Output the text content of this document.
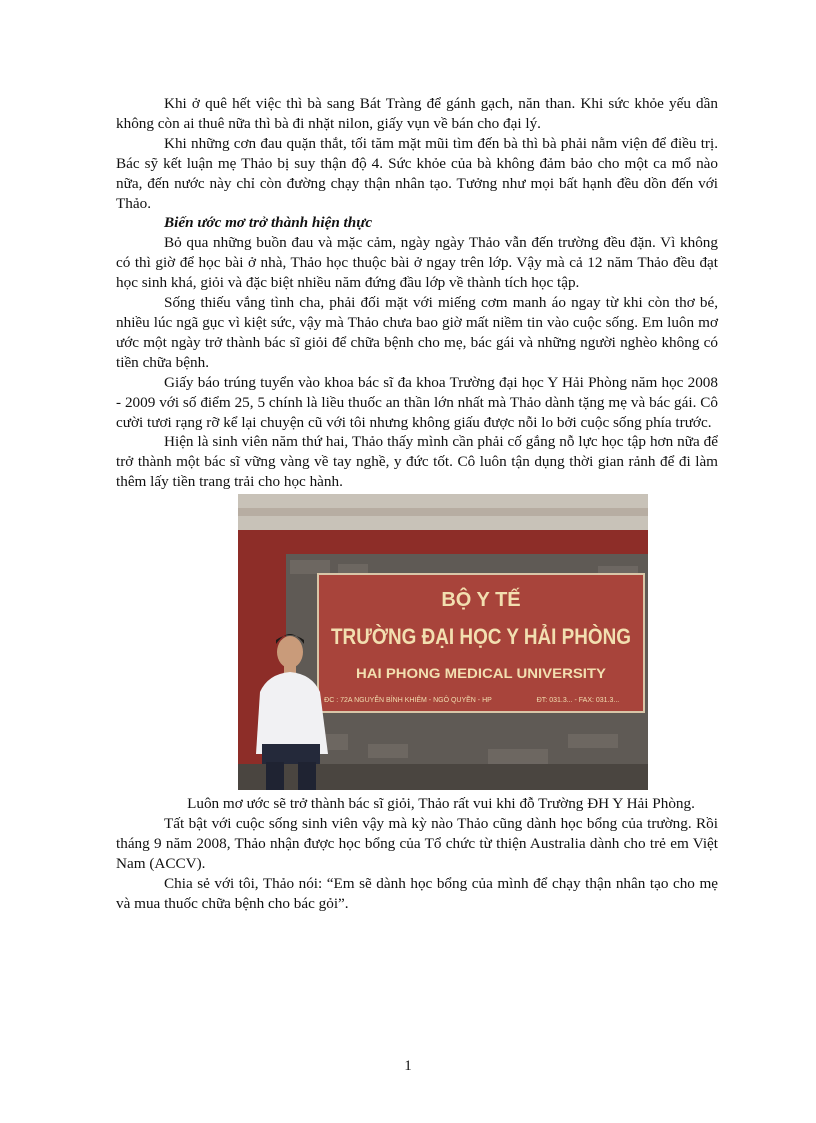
Khi ở quê hết việc thì bà sang Bát Tràng để gánh gạch, năn than. Khi sức khỏe yếu dần không còn ai thuê nữa thì bà đi nhặt nilon, giấy vụn về bán cho đại lý.

Khi những cơn đau quặn thắt, tối tăm mặt mũi tìm đến bà thì bà phải nằm viện để điều trị. Bác sỹ kết luận mẹ Thảo bị suy thận độ 4. Sức khỏe của bà không đảm bảo cho một ca mổ nào nữa, đến nước này chỉ còn đường chạy thận nhân tạo. Tưởng như mọi bất hạnh đều dồn đến với Thảo.

Biến ước mơ trở thành hiện thực

Bỏ qua những buồn đau và mặc cảm, ngày ngày Thảo vẫn đến trường đều đặn. Vì không có thì giờ để học bài ở nhà, Thảo học thuộc bài ở ngay trên lớp. Vậy mà cả 12 năm Thảo đều đạt học sinh khá, giỏi và đặc biệt nhiều năm đứng đầu lớp về thành tích học tập.

Sống thiếu vắng tình cha, phải đối mặt với miếng cơm manh áo ngay từ khi còn thơ bé, nhiều lúc ngã gục vì kiệt sức, vậy mà Thảo chưa bao giờ mất niềm tin vào cuộc sống. Em luôn mơ ước một ngày trở thành bác sĩ giỏi để chữa bệnh cho mẹ, bác gái và những người nghèo không có tiền chữa bệnh.

Giấy báo trúng tuyển vào khoa bác sĩ đa khoa Trường đại học Y Hải Phòng năm học 2008 - 2009 với số điểm 25, 5 chính là liều thuốc an thần lớn nhất mà Thảo dành tặng mẹ và bác gái. Cô cười tươi rạng rỡ kể lại chuyện cũ với tôi nhưng không giấu được nỗi lo bởi cuộc sống phía trước.

Hiện là sinh viên năm thứ hai, Thảo thấy mình cần phải cố gắng nỗ lực học tập hơn nữa để trở thành một bác sĩ vững vàng về tay nghề, y đức tốt. Cô luôn tận dụng thời gian rảnh để đi làm thêm lấy tiền trang trải cho học hành.

BỘ Y TẾ
TRƯỜNG ĐẠI HỌC Y HẢI PHÒNG
HAI PHONG MEDICAL UNIVERSITY
ĐC : 72A NGUYỄN BỈNH KHIÊM - NGÔ QUYỀN - HP	ĐT: 031.3... - FAX: 031.3...
Luôn mơ ước sẽ trở thành bác sĩ giỏi, Thảo rất vui khi đỗ Trường ĐH Y Hải Phòng.

Tất bật với cuộc sống sinh viên vậy mà kỳ nào Thảo cũng dành học bổng của trường. Rồi tháng 9 năm 2008, Thảo nhận được học bổng của Tổ chức từ thiện Australia dành cho trẻ em Việt Nam (ACCV).

Chia sẻ với tôi, Thảo nói: “Em sẽ dành học bổng của mình để chạy thận nhân tạo cho mẹ và mua thuốc chữa bệnh cho bác gỏi”.

1
